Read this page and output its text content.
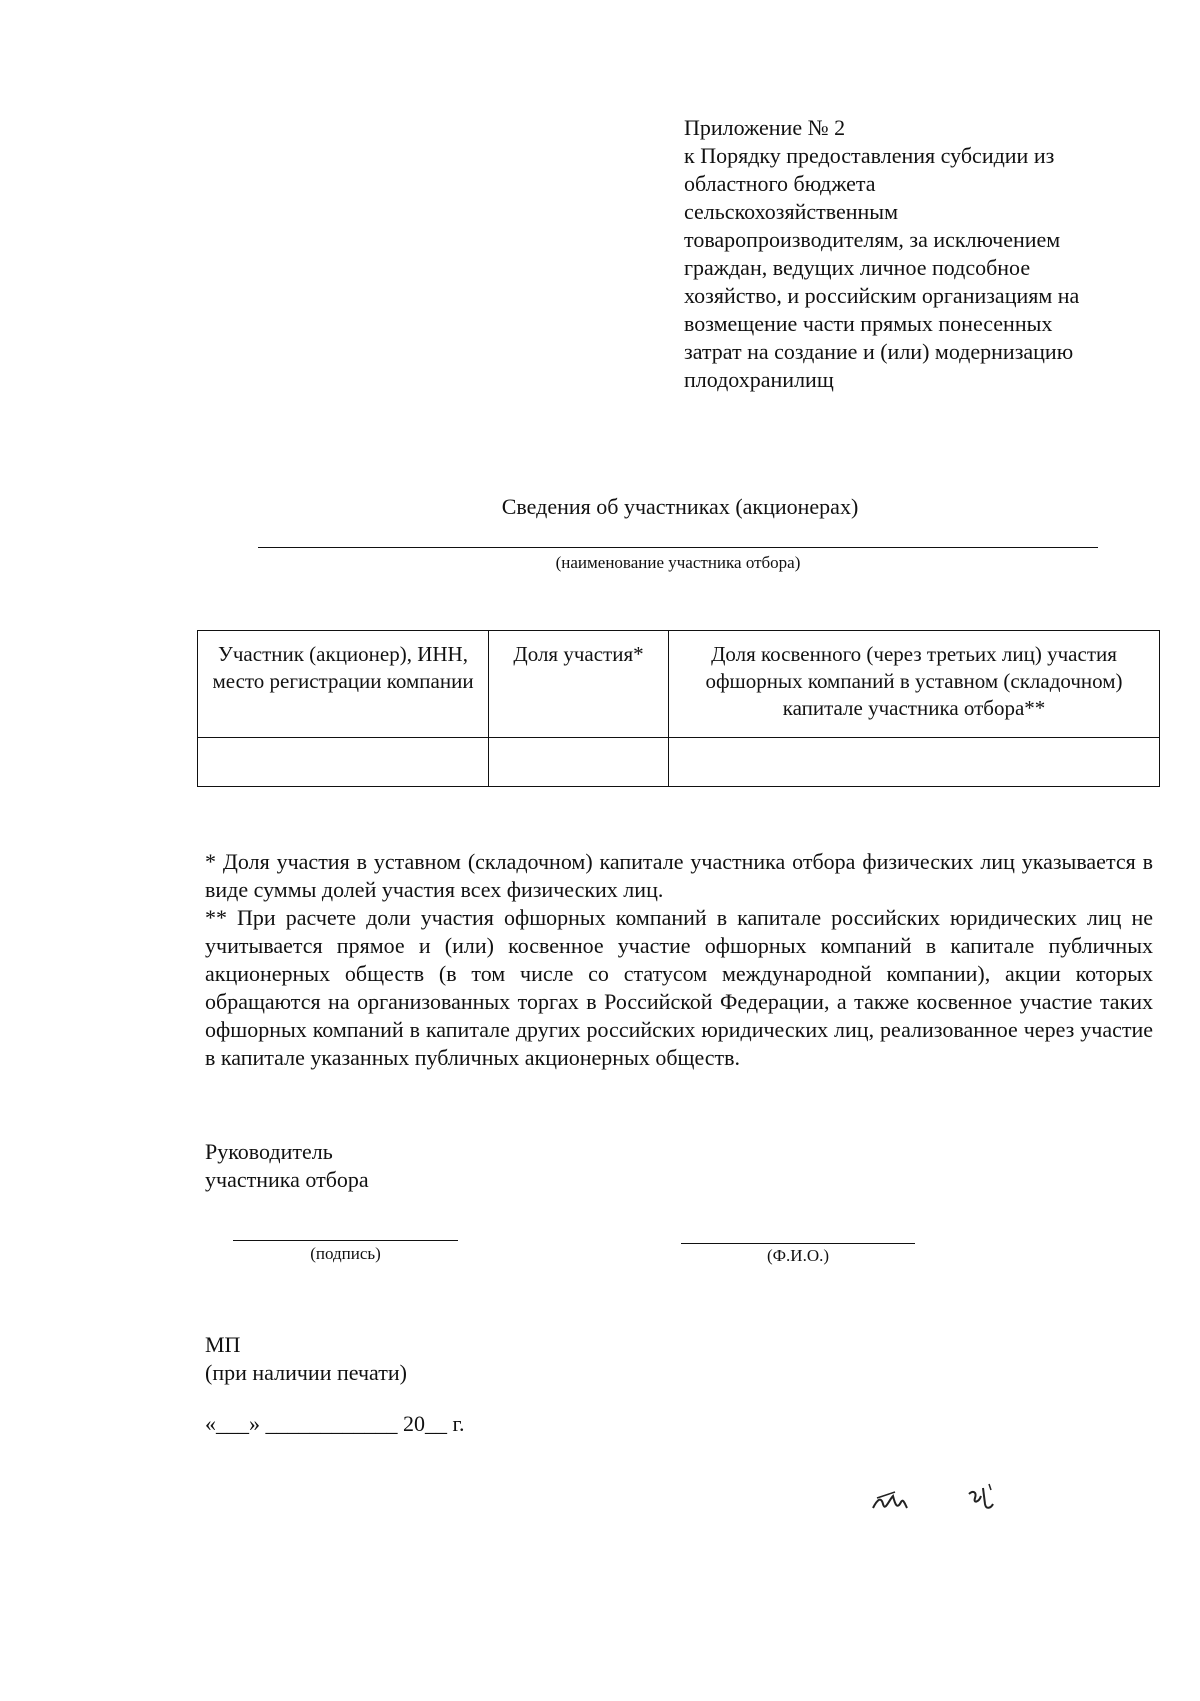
Приложение № 2
к Порядку предоставления субсидии из
областного бюджета
сельскохозяйственным
товаропроизводителям, за исключением
граждан, ведущих личное подсобное
хозяйство, и российским организациям на
возмещение части прямых понесенных
затрат на создание и (или) модернизацию
плодохранилищ
Сведения об участниках (акционерах)
(наименование участника отбора)
Участник (акционер), ИНН, место регистрации компании	Доля участия*	Доля косвенного (через третьих лиц) участия офшорных компаний в уставном (складочном) капитале участника отбора**

* Доля участия в уставном (складочном) капитале участника отбора физических лиц указывается в виде суммы долей участия всех физических лиц.

** При расчете доли участия офшорных компаний в капитале российских юридических лиц не учитывается прямое и (или) косвенное участие офшорных компаний в капитале публичных акционерных обществ (в том числе со статусом международной компании), акции которых обращаются на организованных торгах в Российской Федерации, а также косвенное участие таких офшорных компаний в капитале других российских юридических лиц, реализованное через участие в капитале указанных публичных акционерных обществ.

Руководитель
участника отбора
(подпись)	(Ф.И.О.)
МП
(при наличии печати)
«___» ____________ 20__ г.
